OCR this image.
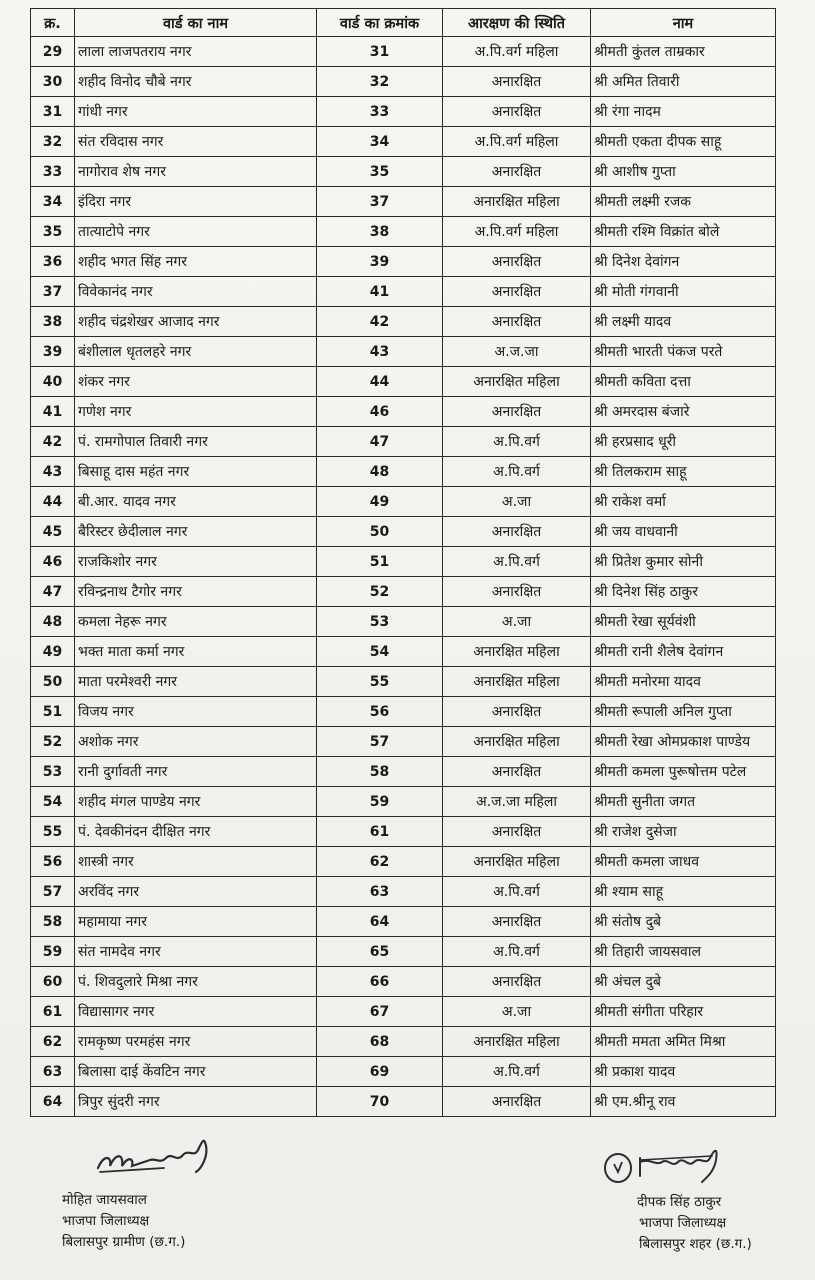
क्र.	वार्ड का नाम	वार्ड का क्रमांक	आरक्षण की स्थिति	नाम
29	लाला लाजपतराय नगर	31	अ.पि.वर्ग महिला	श्रीमती कुंतल ताम्रकार
30	शहीद विनोद चौबे नगर	32	अनारक्षित	श्री अमित तिवारी
31	गांधी नगर	33	अनारक्षित	श्री रंगा नादम
32	संत रविदास नगर	34	अ.पि.वर्ग महिला	श्रीमती एकता दीपक साहू
33	नागोराव शेष नगर	35	अनारक्षित	श्री आशीष गुप्ता
34	इंदिरा नगर	37	अनारक्षित महिला	श्रीमती लक्ष्मी रजक
35	तात्याटोपे नगर	38	अ.पि.वर्ग महिला	श्रीमती रश्मि विक्रांत बोले
36	शहीद भगत सिंह नगर	39	अनारक्षित	श्री दिनेश देवांगन
37	विवेकानंद नगर	41	अनारक्षित	श्री मोती गंगवानी
38	शहीद चंद्रशेखर आजाद नगर	42	अनारक्षित	श्री लक्ष्मी यादव
39	बंशीलाल धृतलहरे नगर	43	अ.ज.जा	श्रीमती भारती पंकज परते
40	शंकर नगर	44	अनारक्षित महिला	श्रीमती कविता दत्ता
41	गणेश नगर	46	अनारक्षित	श्री अमरदास बंजारे
42	पं. रामगोपाल तिवारी नगर	47	अ.पि.वर्ग	श्री हरप्रसाद धूरी
43	बिसाहू दास महंत नगर	48	अ.पि.वर्ग	श्री तिलकराम साहू
44	बी.आर. यादव नगर	49	अ.जा	श्री राकेश वर्मा
45	बैरिस्टर छेदीलाल नगर	50	अनारक्षित	श्री जय वाधवानी
46	राजकिशोर नगर	51	अ.पि.वर्ग	श्री प्रितेश कुमार सोनी
47	रविन्द्रनाथ टैगोर नगर	52	अनारक्षित	श्री दिनेश सिंह ठाकुर
48	कमला नेहरू नगर	53	अ.जा	श्रीमती रेखा सूर्यवंशी
49	भक्त माता कर्मा नगर	54	अनारक्षित महिला	श्रीमती रानी शैलेष देवांगन
50	माता परमेश्वरी नगर	55	अनारक्षित महिला	श्रीमती मनोरमा यादव
51	विजय नगर	56	अनारक्षित	श्रीमती रूपाली अनिल गुप्ता
52	अशोक नगर	57	अनारक्षित महिला	श्रीमती रेखा ओमप्रकाश पाण्डेय
53	रानी दुर्गावती नगर	58	अनारक्षित	श्रीमती कमला पुरूषोत्तम पटेल
54	शहीद मंगल पाण्डेय नगर	59	अ.ज.जा महिला	श्रीमती सुनीता जगत
55	पं. देवकीनंदन दीक्षित नगर	61	अनारक्षित	श्री राजेश दुसेजा
56	शास्त्री नगर	62	अनारक्षित महिला	श्रीमती कमला जाधव
57	अरविंद नगर	63	अ.पि.वर्ग	श्री श्याम साहू
58	महामाया नगर	64	अनारक्षित	श्री संतोष दुबे
59	संत नामदेव नगर	65	अ.पि.वर्ग	श्री तिहारी जायसवाल
60	पं. शिवदुलारे मिश्रा नगर	66	अनारक्षित	श्री अंचल दुबे
61	विद्यासागर नगर	67	अ.जा	श्रीमती संगीता परिहार
62	रामकृष्ण परमहंस नगर	68	अनारक्षित महिला	श्रीमती ममता अमित मिश्रा
63	बिलासा दाई केंवटिन नगर	69	अ.पि.वर्ग	श्री प्रकाश यादव
64	त्रिपुर सुंदरी नगर	70	अनारक्षित	श्री एम.श्रीनू राव
मोहित जायसवाल
भाजपा जिलाध्यक्ष
बिलासपुर ग्रामीण (छ.ग.)
दीपक सिंह ठाकुर
भाजपा जिलाध्यक्ष
बिलासपुर शहर (छ.ग.)
